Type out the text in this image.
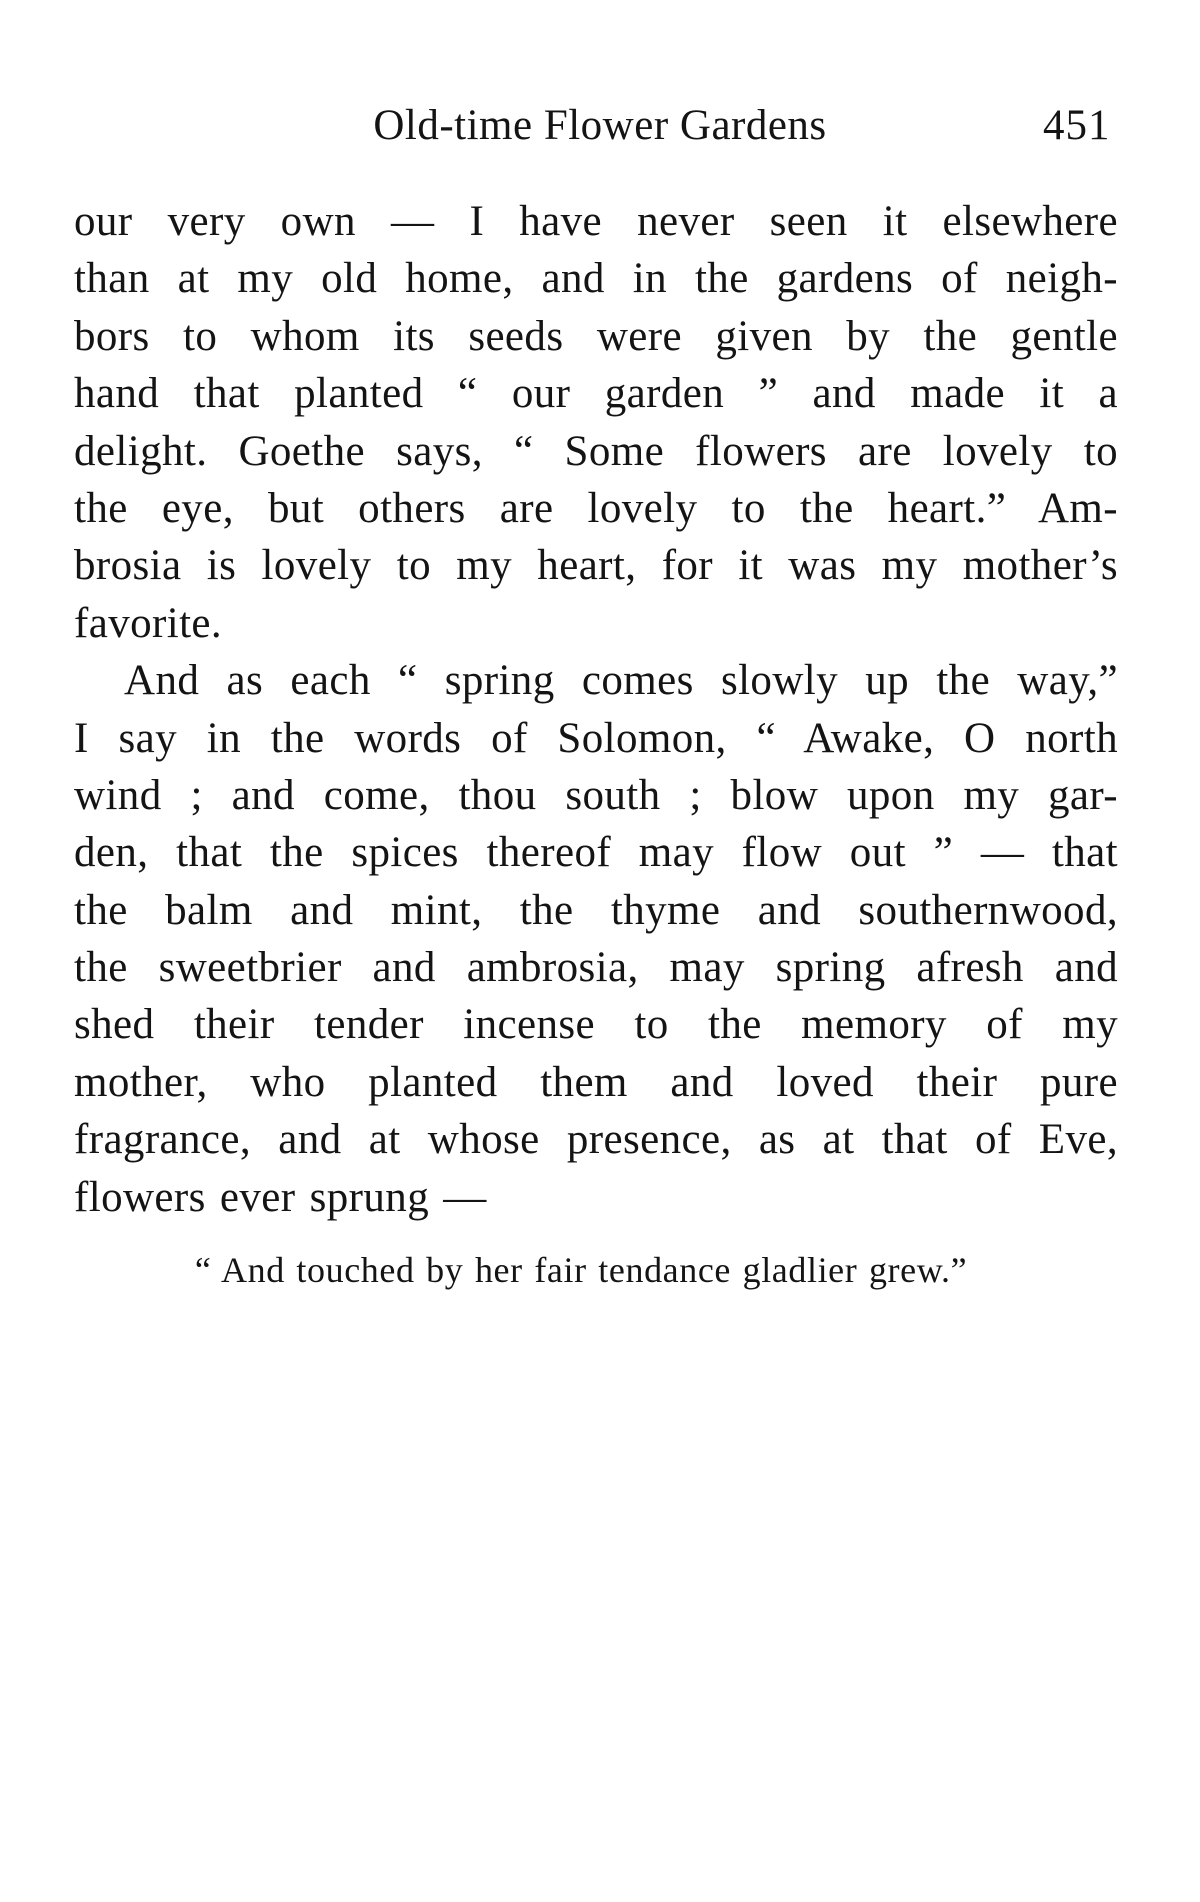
Old-time Flower Gardens	451
our very own — I have never seen it elsewhere
than at my old home, and in the gardens of neigh-
bors to whom its seeds were given by the gentle
hand that planted “ our garden ” and made it a
delight. Goethe says, “ Some flowers are lovely to
the eye, but others are lovely to the heart.” Am-
brosia is lovely to my heart, for it was my mother’s
favorite.
And as each “ spring comes slowly up the way,”
I say in the words of Solomon, “ Awake, O north
wind ; and come, thou south ; blow upon my gar-
den, that the spices thereof may flow out ” — that
the balm and mint, the thyme and southernwood,
the sweetbrier and ambrosia, may spring afresh and
shed their tender incense to the memory of my
mother, who planted them and loved their pure
fragrance, and at whose presence, as at that of Eve,
flowers ever sprung —
“ And touched by her fair tendance gladlier grew.”
